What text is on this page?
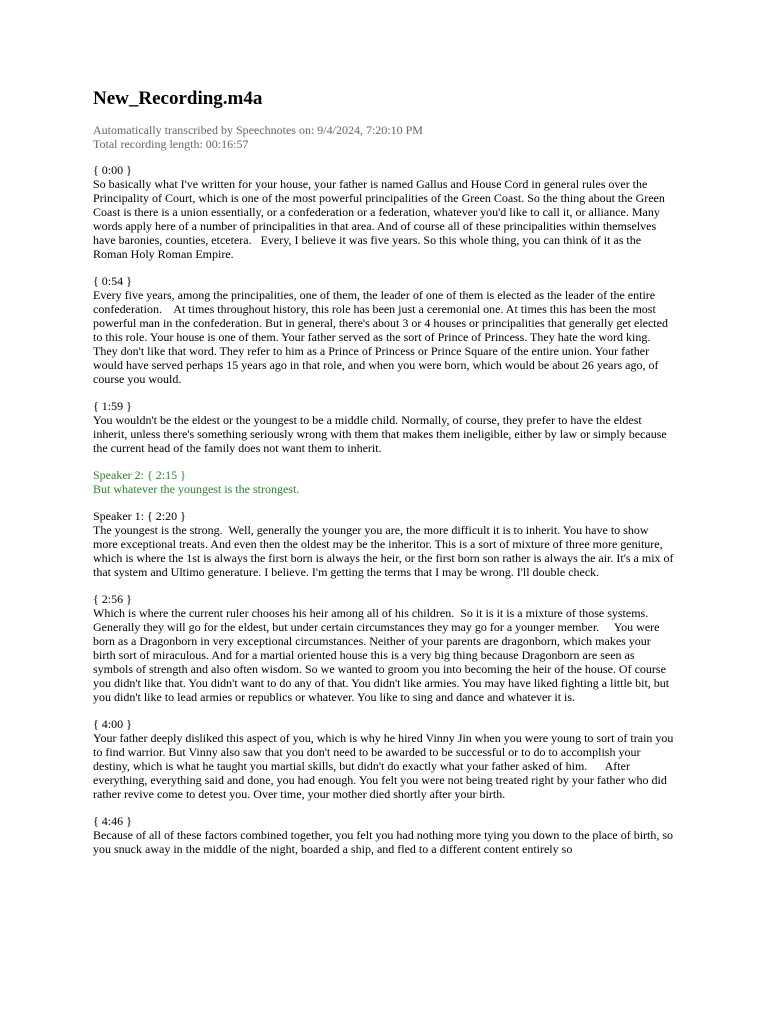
New_Recording.m4a
Automatically transcribed by Speechnotes on: 9/4/2024, 7:20:10 PM
Total recording length: 00:16:57
{ 0:00 }
So basically what I've written for your house, your father is named Gallus and House Cord in general rules over the Principality of Court, which is one of the most powerful principalities of the Green Coast. So the thing about the Green Coast is there is a union essentially, or a confederation or a federation, whatever you'd like to call it, or alliance. Many words apply here of a number of principalities in that area. And of course all of these principalities within themselves have baronies, counties, etcetera.   Every, I believe it was five years. So this whole thing, you can think of it as the Roman Holy Roman Empire.
{ 0:54 }
Every five years, among the principalities, one of them, the leader of one of them is elected as the leader of the entire confederation.    At times throughout history, this role has been just a ceremonial one. At times this has been the most powerful man in the confederation. But in general, there's about 3 or 4 houses or principalities that generally get elected to this role. Your house is one of them. Your father served as the sort of Prince of Princess. They hate the word king. They don't like that word. They refer to him as a Prince of Princess or Prince Square of the entire union. Your father would have served perhaps 15 years ago in that role, and when you were born, which would be about 26 years ago, of course you would.
{ 1:59 }
You wouldn't be the eldest or the youngest to be a middle child. Normally, of course, they prefer to have the eldest inherit, unless there's something seriously wrong with them that makes them ineligible, either by law or simply because the current head of the family does not want them to inherit.
Speaker 2: { 2:15 }
But whatever the youngest is the strongest.
Speaker 1: { 2:20 }
The youngest is the strong.  Well, generally the younger you are, the more difficult it is to inherit. You have to show more exceptional treats. And even then the oldest may be the inheritor. This is a sort of mixture of three more geniture, which is where the 1st is always the first born is always the heir, or the first born son rather is always the air. It's a mix of that system and Ultimo generature. I believe. I'm getting the terms that I may be wrong. I'll double check.
{ 2:56 }
Which is where the current ruler chooses his heir among all of his children.  So it is it is a mixture of those systems. Generally they will go for the eldest, but under certain circumstances they may go for a younger member.     You were born as a Dragonborn in very exceptional circumstances. Neither of your parents are dragonborn, which makes your birth sort of miraculous. And for a martial oriented house this is a very big thing because Dragonborn are seen as symbols of strength and also often wisdom. So we wanted to groom you into becoming the heir of the house. Of course you didn't like that. You didn't want to do any of that. You didn't like armies. You may have liked fighting a little bit, but you didn't like to lead armies or republics or whatever. You like to sing and dance and whatever it is.
{ 4:00 }
Your father deeply disliked this aspect of you, which is why he hired Vinny Jin when you were young to sort of train you to find warrior. But Vinny also saw that you don't need to be awarded to be successful or to do to accomplish your destiny, which is what he taught you martial skills, but didn't do exactly what your father asked of him.      After everything, everything said and done, you had enough. You felt you were not being treated right by your father who did rather revive come to detest you. Over time, your mother died shortly after your birth.
{ 4:46 }
Because of all of these factors combined together, you felt you had nothing more tying you down to the place of birth, so you snuck away in the middle of the night, boarded a ship, and fled to a different content entirely so
